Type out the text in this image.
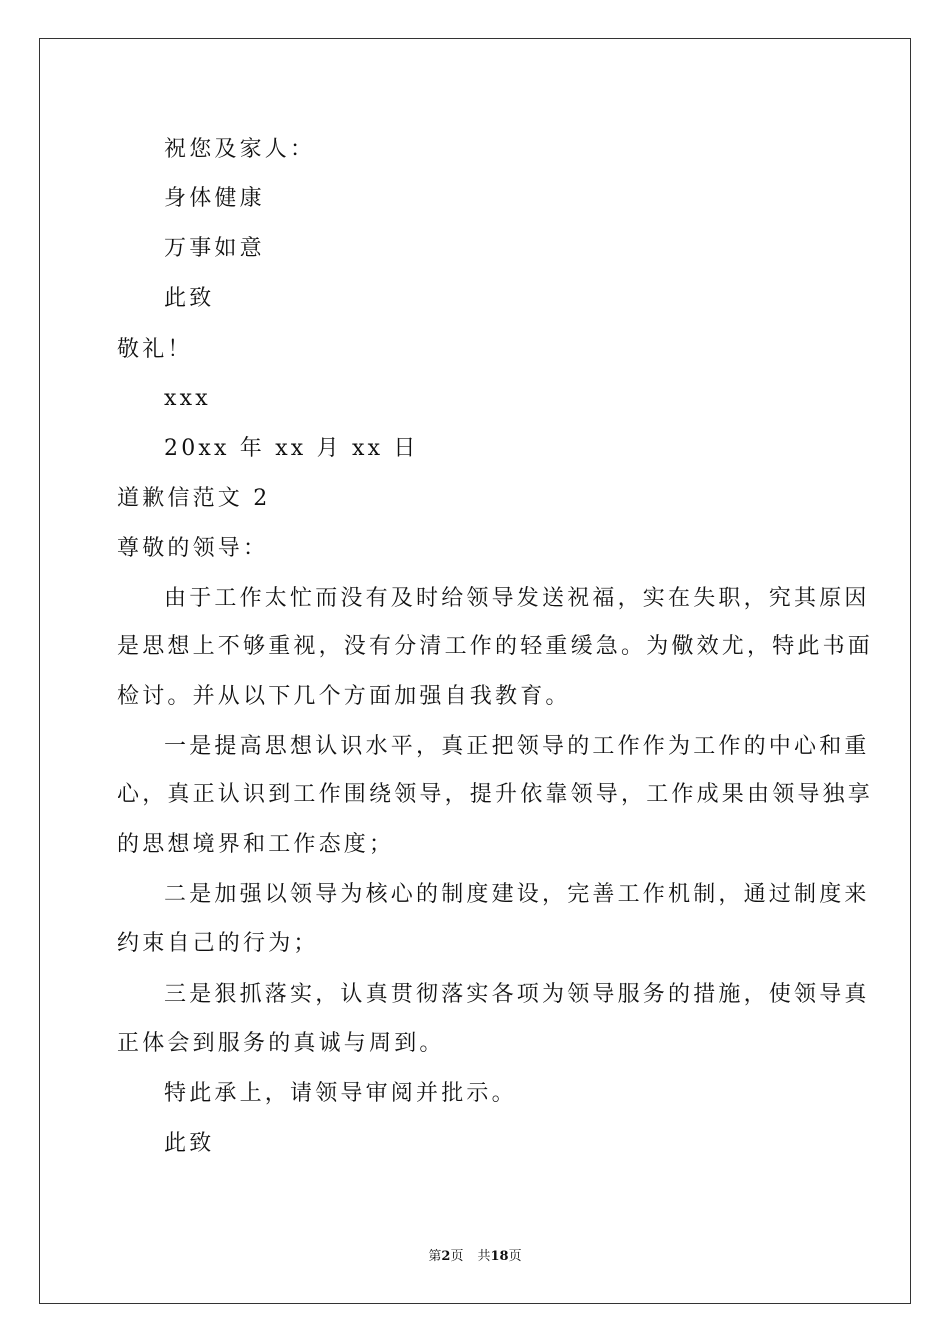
祝您及家人：
身体健康
万事如意
此致
敬礼！
xxx
20xx 年 xx 月 xx 日
道歉信范文 2
尊敬的领导：
由于工作太忙而没有及时给领导发送祝福，实在失职，究其原因
是思想上不够重视，没有分清工作的轻重缓急。为儆效尤，特此书面
检讨。并从以下几个方面加强自我教育。
一是提高思想认识水平，真正把领导的工作作为工作的中心和重
心，真正认识到工作围绕领导，提升依靠领导，工作成果由领导独享
的思想境界和工作态度；
二是加强以领导为核心的制度建设，完善工作机制，通过制度来
约束自己的行为；
三是狠抓落实，认真贯彻落实各项为领导服务的措施，使领导真
正体会到服务的真诚与周到。
特此承上，请领导审阅并批示。
此致
第2页 共18页
